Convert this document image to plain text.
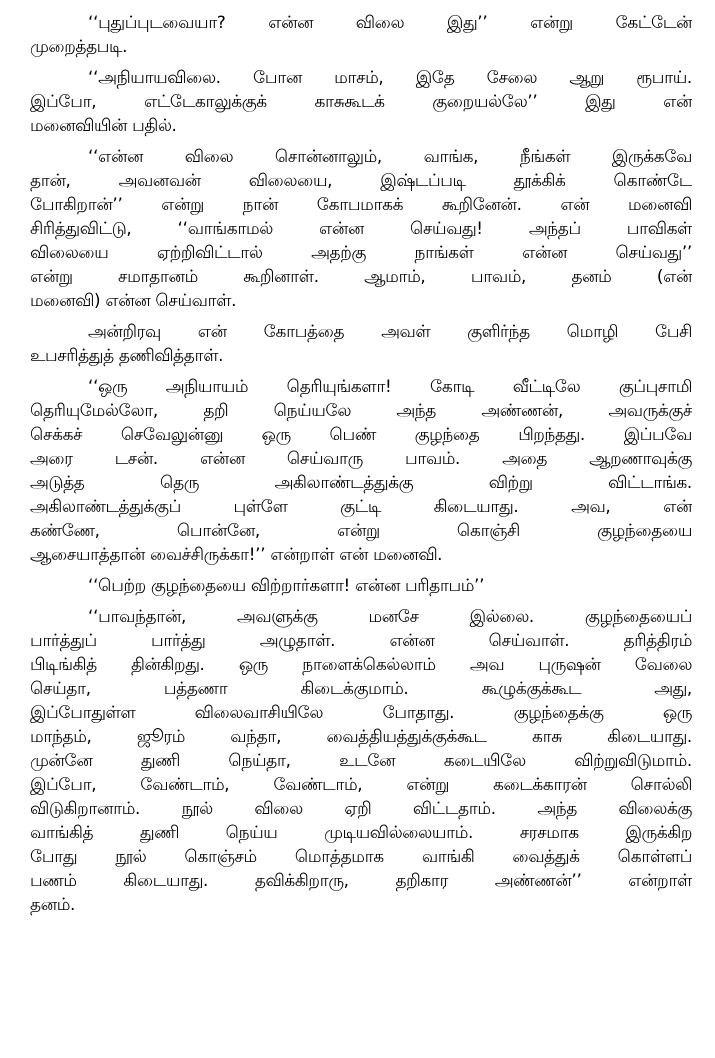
‘‘புதுப்புடவையா? என்ன விலை இது’’ என்று கேட்டேன்
முறைத்தபடி.
‘‘அநியாயவிலை. போன மாசம், இதே சேலை ஆறு ரூபாய்.
இப்போ, எட்டேகாலுக்குக் காசுகூடக் குறையல்லே’’ இது என்
மனைவியின் பதில்.
‘‘என்ன விலை சொன்னாலும், வாங்க, நீங்கள் இருக்கவே
தான், அவனவன் விலையை, இஷ்டப்படி தூக்கிக் கொண்டே
போகிறான்’’ என்று நான் கோபமாகக் கூறினேன். என் மனைவி
சிரித்துவிட்டு, ‘‘வாங்காமல் என்ன செய்வது! அந்தப் பாவிகள்
விலையை ஏற்றிவிட்டால் அதற்கு நாங்கள் என்ன செய்வது’’
என்று சமாதானம் கூறினாள். ஆமாம், பாவம், தனம் (என்
மனைவி) என்ன செய்வாள்.
அன்றிரவு என் கோபத்தை அவள் குளிர்ந்த மொழி பேசி
உபசரித்துத் தணிவித்தாள்.
‘‘ஒரு அநியாயம் தெரியுங்களா! கோடி வீட்டிலே குப்புசாமி
தெரியுமேல்லோ, தறி நெய்யலே அந்த அண்ணன், அவருக்குச்
செக்கச் செவேலுன்னு ஒரு பெண் குழந்தை பிறந்தது. இப்பவே
அரை டசன். என்ன செய்வாரு பாவம். அதை ஆறணாவுக்கு
அடுத்த தெரு அகிலாண்டத்துக்கு விற்று விட்டாங்க.
அகிலாண்டத்துக்குப் புள்ளே குட்டி கிடையாது. அவ, என்
கண்ணே, பொன்னே, என்று கொஞ்சி குழந்தையை
ஆசையாத்தான் வைச்சிருக்கா!’’ என்றாள் என் மனைவி.
‘‘பெற்ற குழந்தையை விற்றார்களா! என்ன பரிதாபம்’’
‘‘பாவந்தான், அவளுக்கு மனசே இல்லை. குழந்தையைப்
பார்த்துப் பார்த்து அழுதாள். என்ன செய்வாள். தரித்திரம்
பிடிங்கித் தின்கிறது. ஒரு நாளைக்கெல்லாம் அவ புருஷன் வேலை
செய்தா, பத்தணா கிடைக்குமாம். கூழுக்குக்கூட அது,
இப்போதுள்ள விலைவாசியிலே போதாது. குழந்தைக்கு ஒரு
மாந்தம், ஜூரம் வந்தா, வைத்தியத்துக்குக்கூட காசு கிடையாது.
முன்னே துணி நெய்தா, உடனே கடையிலே விற்றுவிடுமாம்.
இப்போ, வேண்டாம், வேண்டாம், என்று கடைக்காரன் சொல்லி
விடுகிறானாம். நூல் விலை ஏறி விட்டதாம். அந்த விலைக்கு
வாங்கித் துணி நெய்ய முடியவில்லையாம். சரசமாக இருக்கிற
போது நூல் கொஞ்சம் மொத்தமாக வாங்கி வைத்துக் கொள்ளப்
பணம் கிடையாது. தவிக்கிறாரு, தறிகார அண்ணன்’’ என்றாள்
தனம்.
